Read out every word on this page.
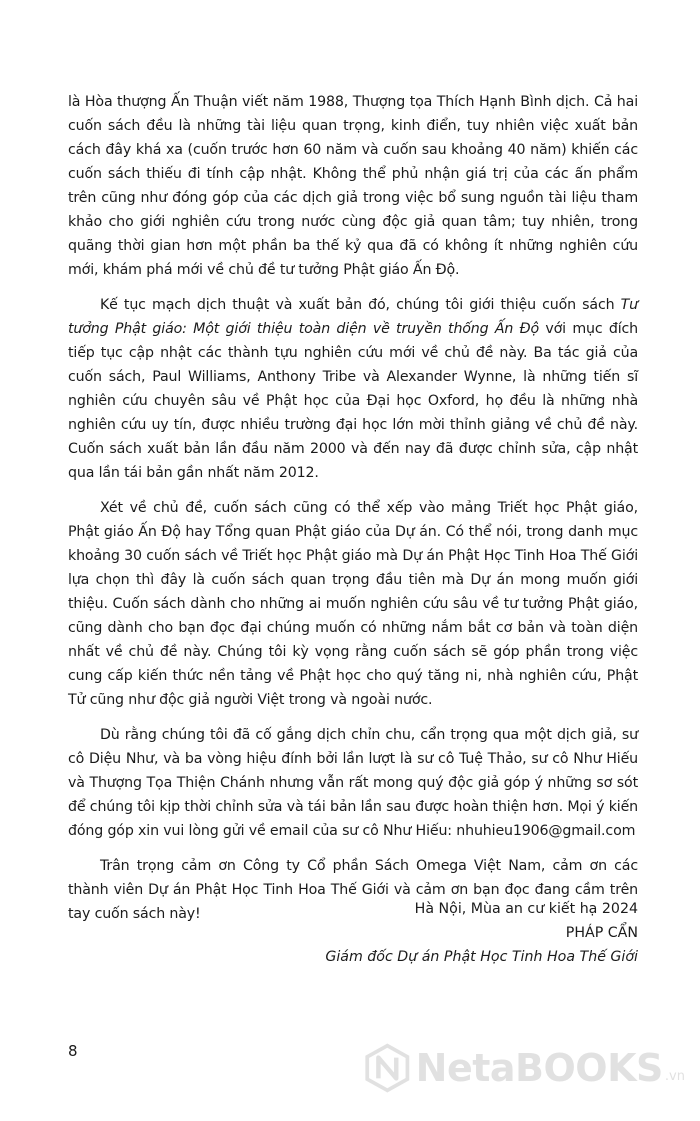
là Hòa thượng Ấn Thuận viết năm 1988, Thượng tọa Thích Hạnh Bình dịch. Cả hai cuốn sách đều là những tài liệu quan trọng, kinh điển, tuy nhiên việc xuất bản cách đây khá xa (cuốn trước hơn 60 năm và cuốn sau khoảng 40 năm) khiến các cuốn sách thiếu đi tính cập nhật. Không thể phủ nhận giá trị của các ấn phẩm trên cũng như đóng góp của các dịch giả trong việc bổ sung nguồn tài liệu tham khảo cho giới nghiên cứu trong nước cùng độc giả quan tâm; tuy nhiên, trong quãng thời gian hơn một phần ba thế kỷ qua đã có không ít những nghiên cứu mới, khám phá mới về chủ đề tư tưởng Phật giáo Ấn Độ.

Kế tục mạch dịch thuật và xuất bản đó, chúng tôi giới thiệu cuốn sách Tư tưởng Phật giáo: Một giới thiệu toàn diện về truyền thống Ấn Độ với mục đích tiếp tục cập nhật các thành tựu nghiên cứu mới về chủ đề này. Ba tác giả của cuốn sách, Paul Williams, Anthony Tribe và Alexander Wynne, là những tiến sĩ nghiên cứu chuyên sâu về Phật học của Đại học Oxford, họ đều là những nhà nghiên cứu uy tín, được nhiều trường đại học lớn mời thỉnh giảng về chủ đề này. Cuốn sách xuất bản lần đầu năm 2000 và đến nay đã được chỉnh sửa, cập nhật qua lần tái bản gần nhất năm 2012.

Xét về chủ đề, cuốn sách cũng có thể xếp vào mảng Triết học Phật giáo, Phật giáo Ấn Độ hay Tổng quan Phật giáo của Dự án. Có thể nói, trong danh mục khoảng 30 cuốn sách về Triết học Phật giáo mà Dự án Phật Học Tinh Hoa Thế Giới lựa chọn thì đây là cuốn sách quan trọng đầu tiên mà Dự án mong muốn giới thiệu. Cuốn sách dành cho những ai muốn nghiên cứu sâu về tư tưởng Phật giáo, cũng dành cho bạn đọc đại chúng muốn có những nắm bắt cơ bản và toàn diện nhất về chủ đề này. Chúng tôi kỳ vọng rằng cuốn sách sẽ góp phần trong việc cung cấp kiến thức nền tảng về Phật học cho quý tăng ni, nhà nghiên cứu, Phật Tử cũng như độc giả người Việt trong và ngoài nước.

Dù rằng chúng tôi đã cố gắng dịch chỉn chu, cẩn trọng qua một dịch giả, sư cô Diệu Như, và ba vòng hiệu đính bởi lần lượt là sư cô Tuệ Thảo, sư cô Như Hiếu và Thượng Tọa Thiện Chánh nhưng vẫn rất mong quý độc giả góp ý những sơ sót để chúng tôi kịp thời chỉnh sửa và tái bản lần sau được hoàn thiện hơn. Mọi ý kiến đóng góp xin vui lòng gửi về email của sư cô Như Hiếu: nhuhieu1906@gmail.com

Trân trọng cảm ơn Công ty Cổ phần Sách Omega Việt Nam, cảm ơn các thành viên Dự án Phật Học Tinh Hoa Thế Giới và cảm ơn bạn đọc đang cầm trên tay cuốn sách này!	Hà Nội, Mùa an cư kiết hạ 2024
PHÁP CẨN
Giám đốc Dự án Phật Học Tinh Hoa Thế Giới
8	NetaBOOKS .vn
